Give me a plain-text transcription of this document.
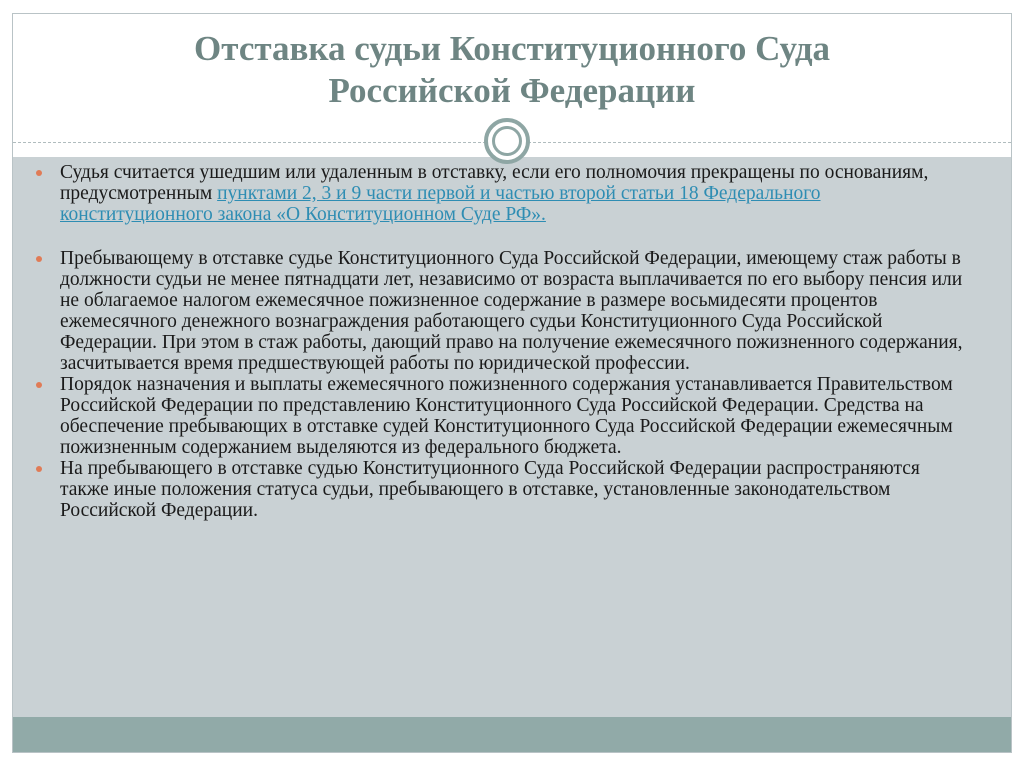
Отставка судьи Конституционного Суда
Российской Федерации
Судья считается ушедшим или удаленным в отставку, если его полномочия прекращены по основаниям, предусмотренным пунктами 2, 3 и 9 части первой и частью второй статьи 18 Федерального конституционного закона «О Конституционном Суде РФ».
Пребывающему в отставке судье Конституционного Суда Российской Федерации, имеющему стаж работы в должности судьи не менее пятнадцати лет, независимо от возраста выплачивается по его выбору пенсия или не облагаемое налогом ежемесячное пожизненное содержание в размере восьмидесяти процентов ежемесячного денежного вознаграждения работающего судьи Конституционного Суда Российской Федерации. При этом в стаж работы, дающий право на получение ежемесячного пожизненного содержания, засчитывается время предшествующей работы по юридической профессии.
Порядок назначения и выплаты ежемесячного пожизненного содержания устанавливается Правительством Российской Федерации по представлению Конституционного Суда Российской Федерации. Средства на обеспечение пребывающих в отставке судей Конституционного Суда Российской Федерации ежемесячным пожизненным содержанием выделяются из федерального бюджета.
На пребывающего в отставке судью Конституционного Суда Российской Федерации распространяются также иные положения статуса судьи, пребывающего в отставке, установленные законодательством Российской Федерации.
